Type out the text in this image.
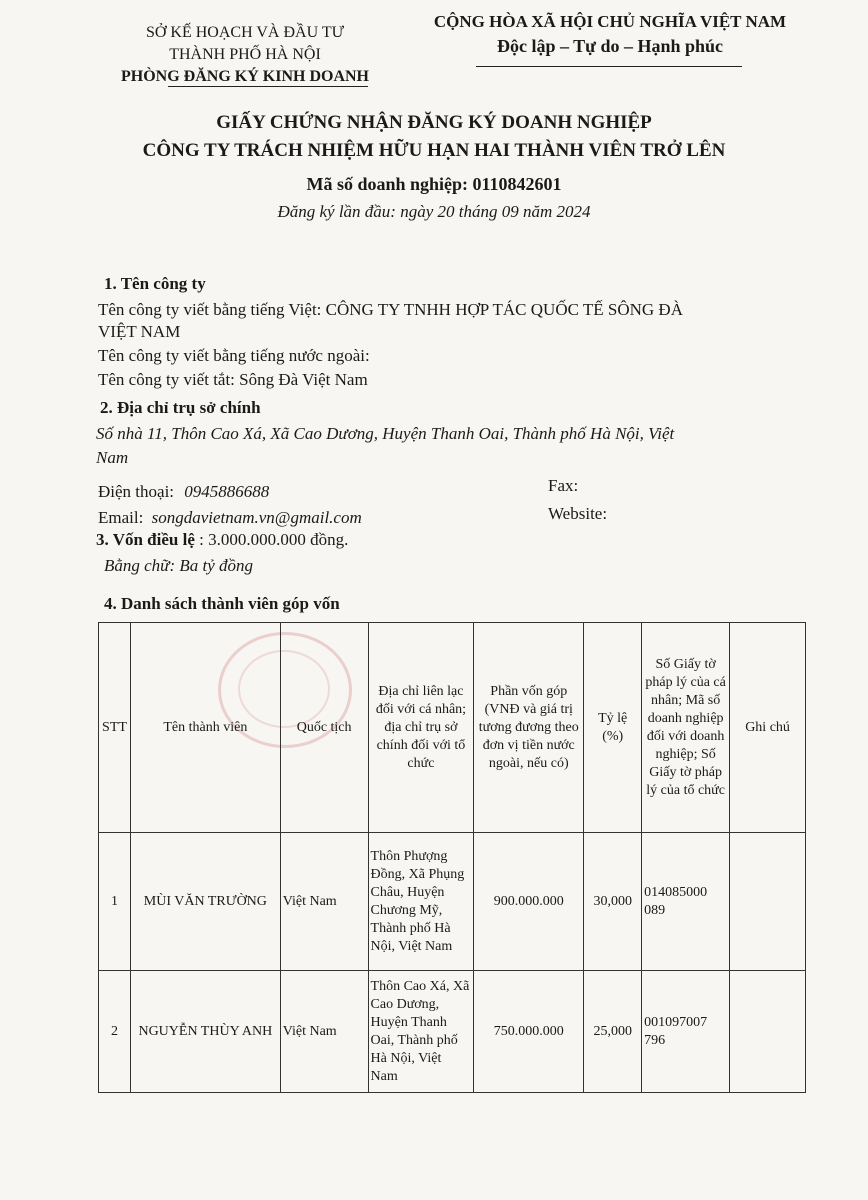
SỞ KẾ HOẠCH VÀ ĐẦU TƯ
THÀNH PHỐ HÀ NỘI
PHÒNG ĐĂNG KÝ KINH DOANH
CỘNG HÒA XÃ HỘI CHỦ NGHĨA VIỆT NAM
Độc lập – Tự do – Hạnh phúc
GIẤY CHỨNG NHẬN ĐĂNG KÝ DOANH NGHIỆP
CÔNG TY TRÁCH NHIỆM HỮU HẠN HAI THÀNH VIÊN TRỞ LÊN
Mã số doanh nghiệp: 0110842601
Đăng ký lần đầu: ngày 20 tháng 09 năm 2024
1. Tên công ty
Tên công ty viết bằng tiếng Việt: CÔNG TY TNHH HỢP TÁC QUỐC TẾ SÔNG ĐÀ
VIỆT NAM
Tên công ty viết bằng tiếng nước ngoài:
Tên công ty viết tắt: Sông Đà Việt Nam
2. Địa chỉ trụ sở chính
Số nhà 11, Thôn Cao Xá, Xã Cao Dương, Huyện Thanh Oai, Thành phố Hà Nội, Việt
Nam
Điện thoại: 0945886688	Fax:
Email: songdavietnam.vn@gmail.com	Website:
3. Vốn điều lệ : 3.000.000.000 đồng.
Bằng chữ: Ba tỷ đồng
4. Danh sách thành viên góp vốn
STT	Tên thành viên	Quốc tịch	Địa chỉ liên lạc đối với cá nhân; địa chỉ trụ sở chính đối với tổ chức	Phần vốn góp (VNĐ và giá trị tương đương theo đơn vị tiền nước ngoài, nếu có)	Tỷ lệ (%)	Số Giấy tờ pháp lý của cá nhân; Mã số doanh nghiệp đối với doanh nghiệp; Số Giấy tờ pháp lý của tổ chức	Ghi chú
1	MÙI VĂN TRƯỜNG	Việt Nam	Thôn Phượng Đồng, Xã Phụng Châu, Huyện Chương Mỹ, Thành phố Hà Nội, Việt Nam	900.000.000	30,000	014085000 089	
2	NGUYỄN THÙY ANH	Việt Nam	Thôn Cao Xá, Xã Cao Dương, Huyện Thanh Oai, Thành phố Hà Nội, Việt Nam	750.000.000	25,000	001097007 796	
